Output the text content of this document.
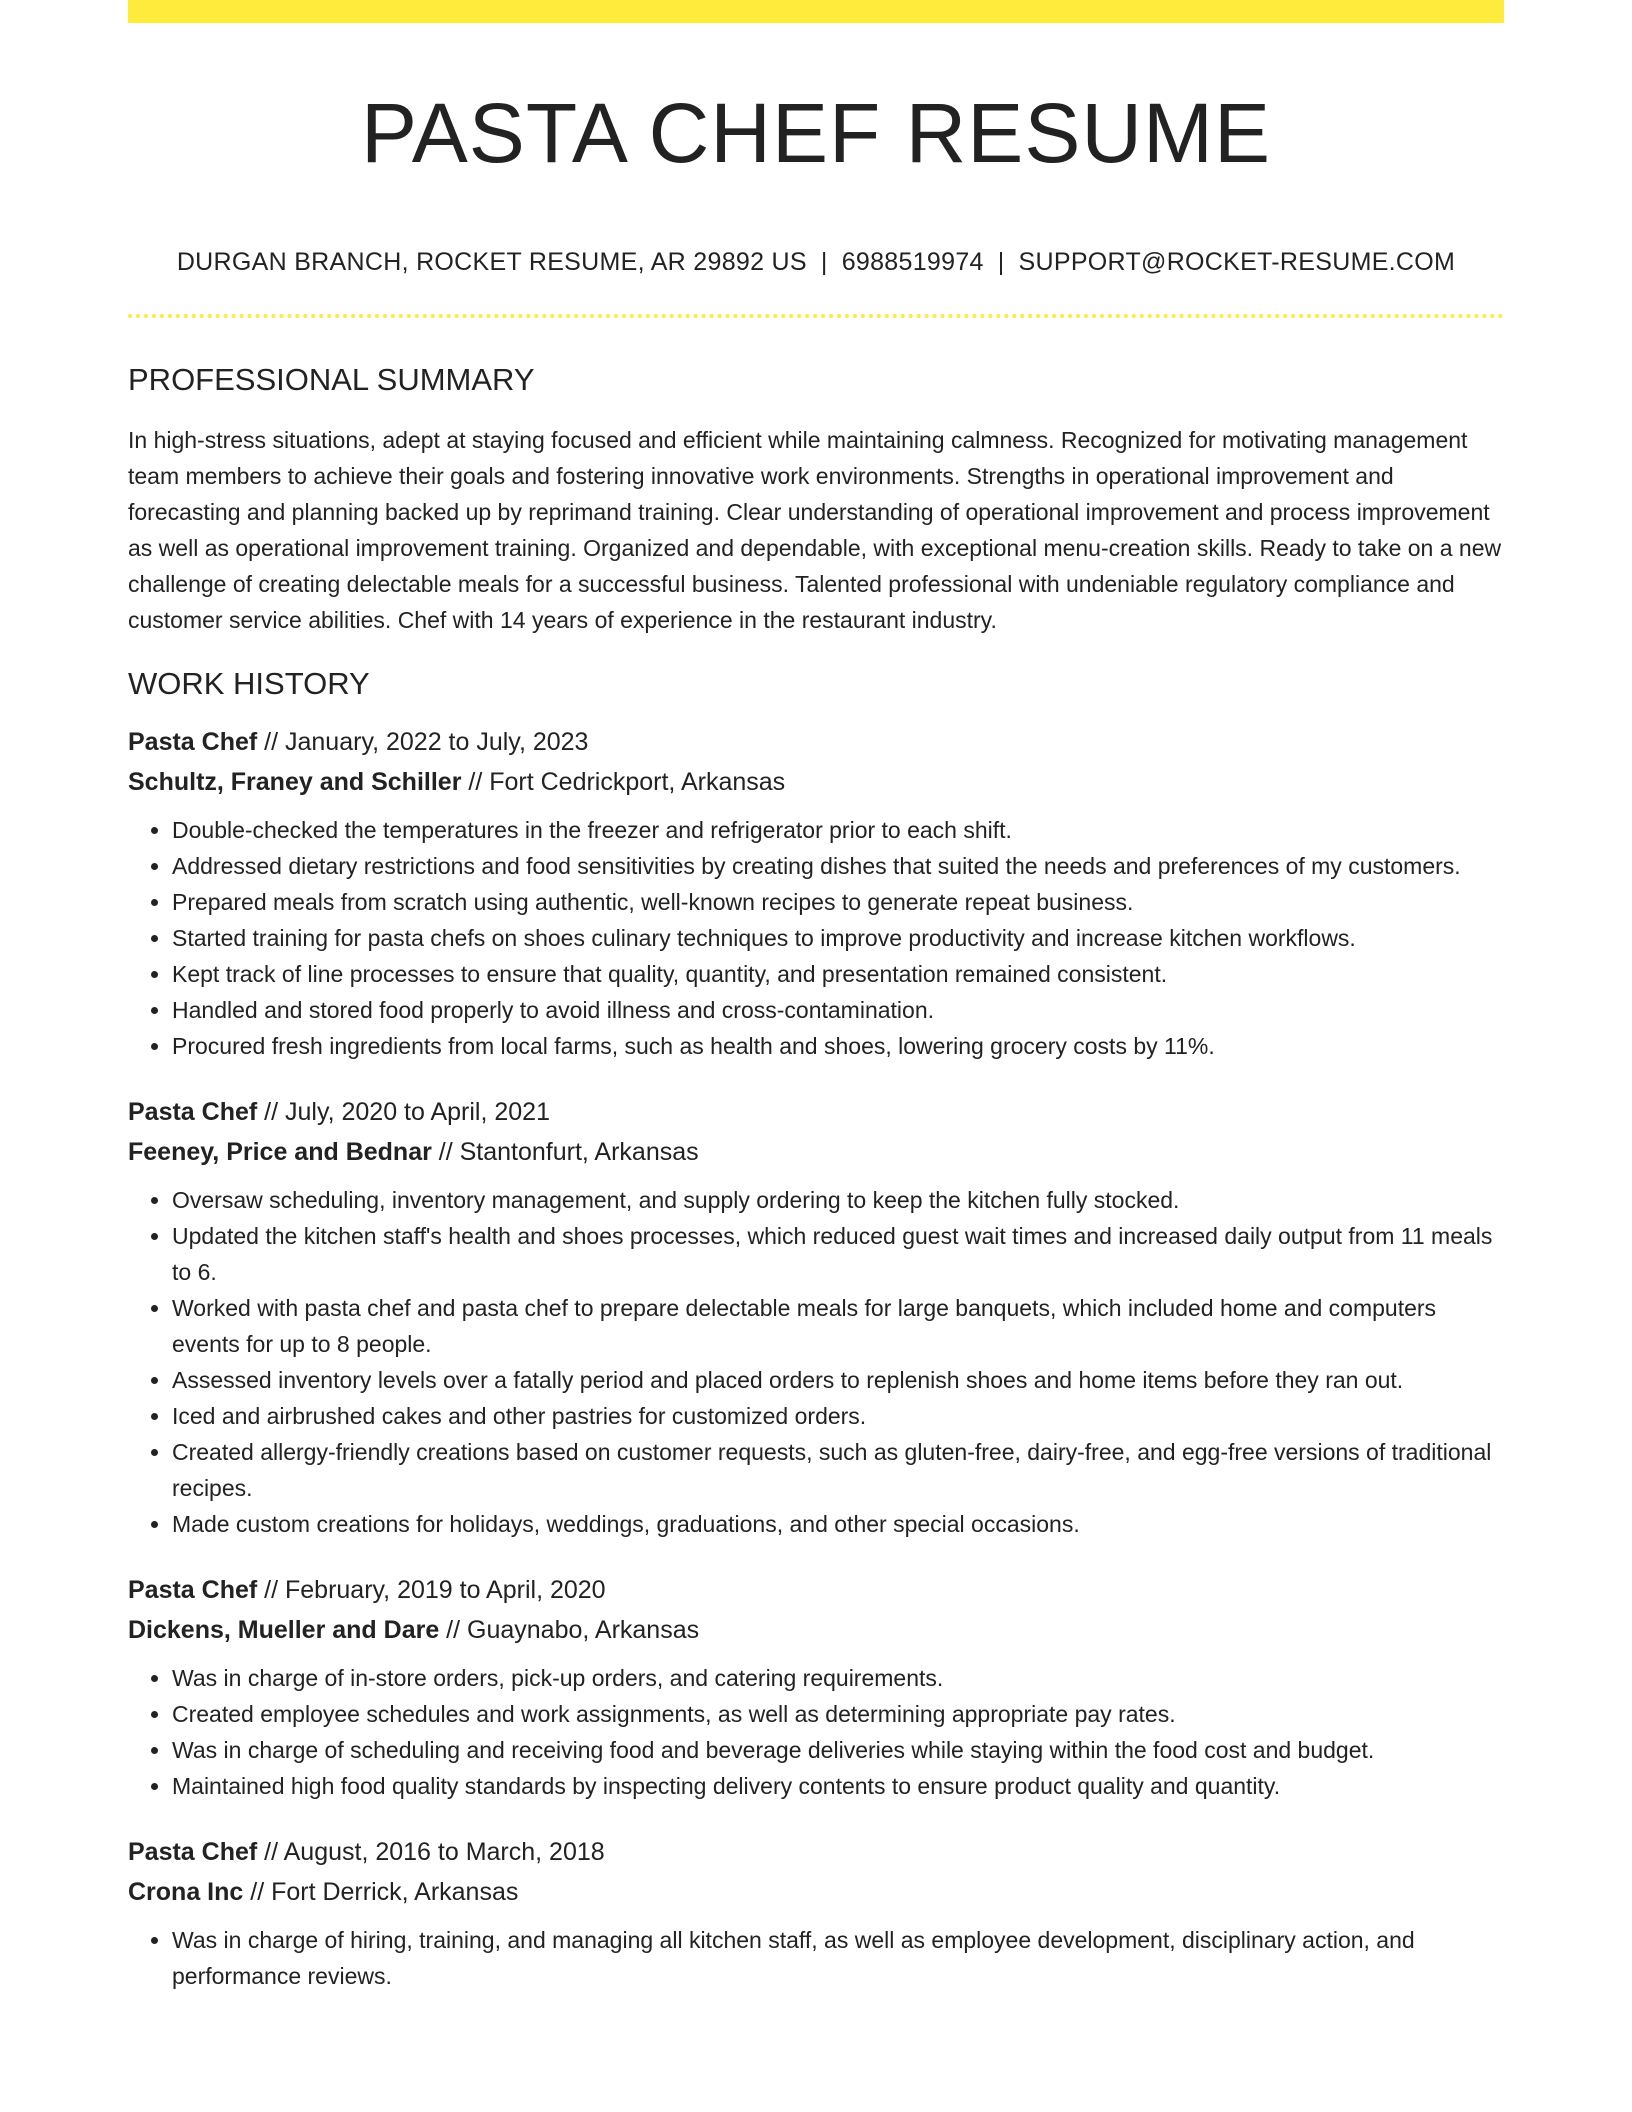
PASTA CHEF RESUME
DURGAN BRANCH, ROCKET RESUME, AR 29892 US | 6988519974 | SUPPORT@ROCKET-RESUME.COM
PROFESSIONAL SUMMARY
In high-stress situations, adept at staying focused and efficient while maintaining calmness. Recognized for motivating management team members to achieve their goals and fostering innovative work environments. Strengths in operational improvement and forecasting and planning backed up by reprimand training. Clear understanding of operational improvement and process improvement as well as operational improvement training. Organized and dependable, with exceptional menu-creation skills. Ready to take on a new challenge of creating delectable meals for a successful business. Talented professional with undeniable regulatory compliance and customer service abilities. Chef with 14 years of experience in the restaurant industry.
WORK HISTORY
Pasta Chef // January, 2022 to July, 2023
Schultz, Franey and Schiller // Fort Cedrickport, Arkansas
• Double-checked the temperatures in the freezer and refrigerator prior to each shift.
• Addressed dietary restrictions and food sensitivities by creating dishes that suited the needs and preferences of my customers.
• Prepared meals from scratch using authentic, well-known recipes to generate repeat business.
• Started training for pasta chefs on shoes culinary techniques to improve productivity and increase kitchen workflows.
• Kept track of line processes to ensure that quality, quantity, and presentation remained consistent.
• Handled and stored food properly to avoid illness and cross-contamination.
• Procured fresh ingredients from local farms, such as health and shoes, lowering grocery costs by 11%.
Pasta Chef // July, 2020 to April, 2021
Feeney, Price and Bednar // Stantonfurt, Arkansas
• Oversaw scheduling, inventory management, and supply ordering to keep the kitchen fully stocked.
• Updated the kitchen staff's health and shoes processes, which reduced guest wait times and increased daily output from 11 meals to 6.
• Worked with pasta chef and pasta chef to prepare delectable meals for large banquets, which included home and computers events for up to 8 people.
• Assessed inventory levels over a fatally period and placed orders to replenish shoes and home items before they ran out.
• Iced and airbrushed cakes and other pastries for customized orders.
• Created allergy-friendly creations based on customer requests, such as gluten-free, dairy-free, and egg-free versions of traditional recipes.
• Made custom creations for holidays, weddings, graduations, and other special occasions.
Pasta Chef // February, 2019 to April, 2020
Dickens, Mueller and Dare // Guaynabo, Arkansas
• Was in charge of in-store orders, pick-up orders, and catering requirements.
• Created employee schedules and work assignments, as well as determining appropriate pay rates.
• Was in charge of scheduling and receiving food and beverage deliveries while staying within the food cost and budget.
• Maintained high food quality standards by inspecting delivery contents to ensure product quality and quantity.
Pasta Chef // August, 2016 to March, 2018
Crona Inc // Fort Derrick, Arkansas
• Was in charge of hiring, training, and managing all kitchen staff, as well as employee development, disciplinary action, and performance reviews.
